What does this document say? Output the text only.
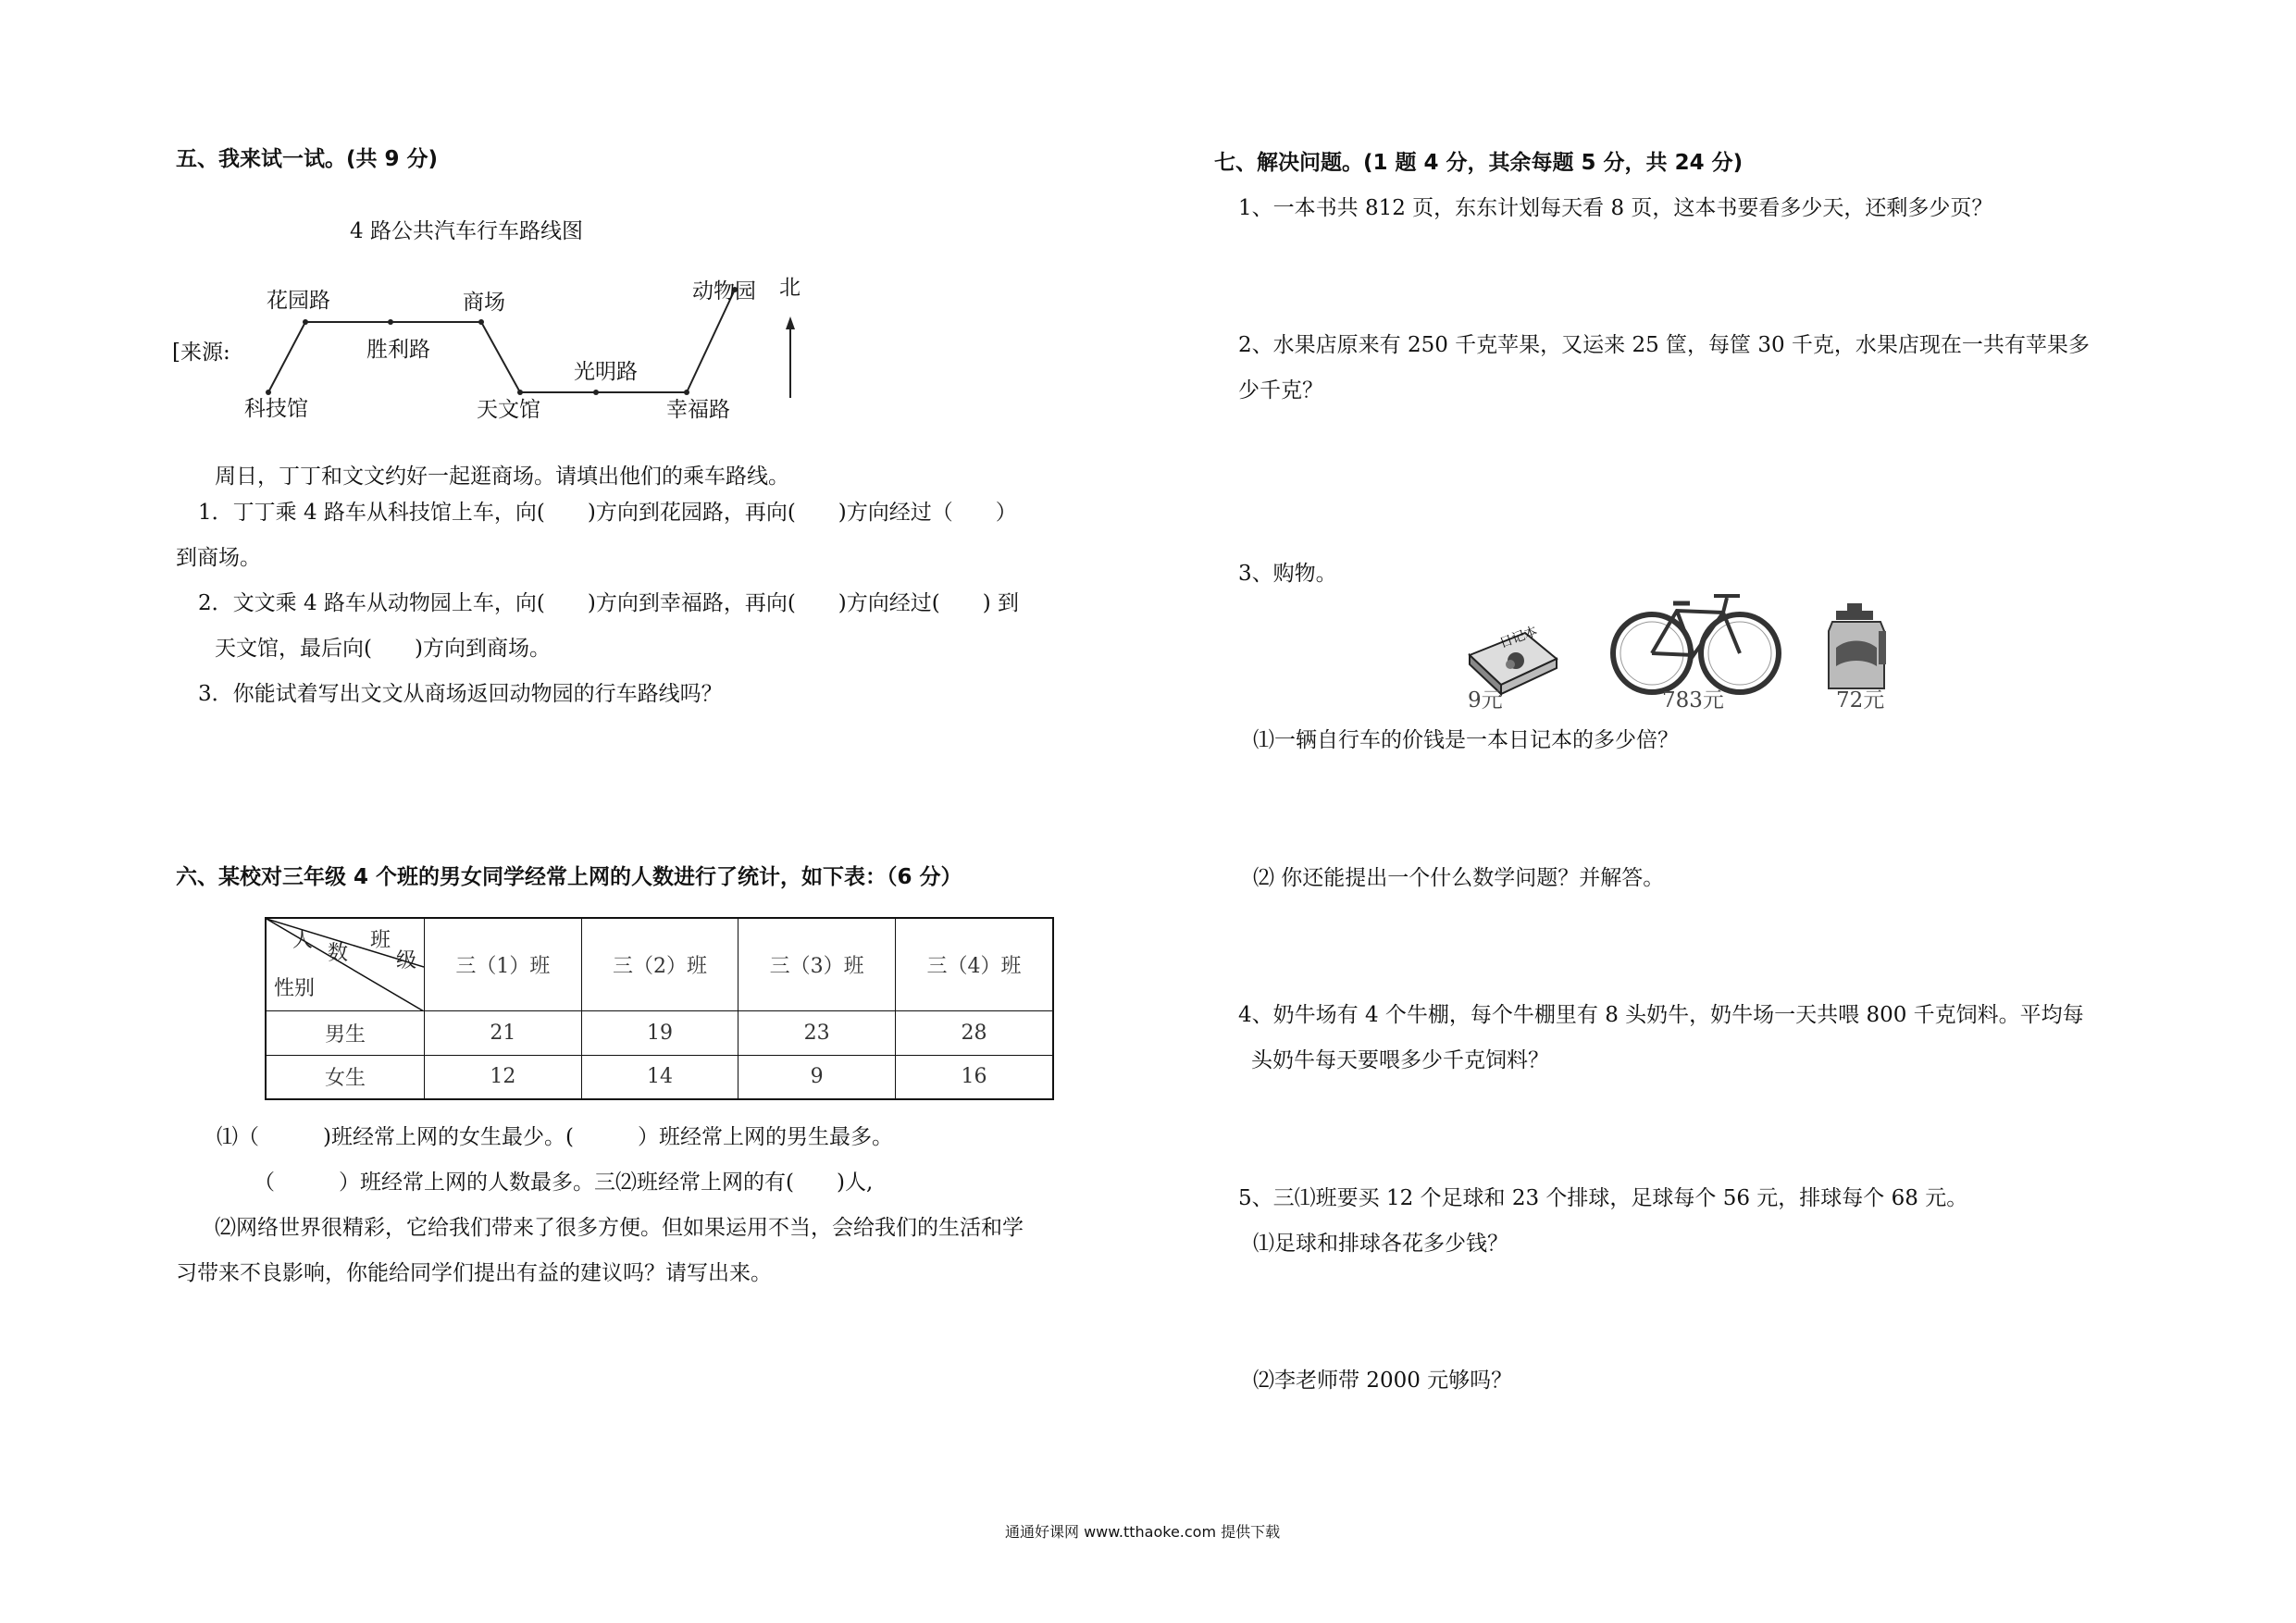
五、我来试一试。(共 9 分)
4 路公共汽车行车路线图
[来源:
科技馆
花园路
胜利路
商场
天文馆
光明路
幸福路
动物园 北
周日，丁丁和文文约好一起逛商场。请填出他们的乘车路线。
1．丁丁乘 4 路车从科技馆上车，向(　　)方向到花园路，再向(　　)方向经过（　　）
到商场。
2．文文乘 4 路车从动物园上车，向(　　)方向到幸福路，再向(　　)方向经过(　　) 到
天文馆，最后向(　　)方向到商场。
3．你能试着写出文文从商场返回动物园的行车路线吗？
六、某校对三年级 4 个班的男女同学经常上网的人数进行了统计，如下表：（6 分）
人
数
班
级
性别	三（1）班	三（2）班	三（3）班	三（4）班
男生	21	19	23	28
女生	12	14	9	16
⑴（　　　)班经常上网的女生最少。(　　　）班经常上网的男生最多。
（　　　）班经常上网的人数最多。三⑵班经常上网的有(　　)人,
⑵网络世界很精彩，它给我们带来了很多方便。但如果运用不当，会给我们的生活和学
习带来不良影响，你能给同学们提出有益的建议吗？请写出来。
七、解决问题。(1 题 4 分，其余每题 5 分，共 24 分)
1、一本书共 812 页，东东计划每天看 8 页，这本书要看多少天，还剩多少页？
2、水果店原来有 250 千克苹果，又运来 25 筐，每筐 30 千克，水果店现在一共有苹果多
少千克？
3、购物。
日记本
9元	783元	72元
⑴一辆自行车的价钱是一本日记本的多少倍？
⑵ 你还能提出一个什么数学问题？并解答。
4、奶牛场有 4 个牛棚，每个牛棚里有 8 头奶牛，奶牛场一天共喂 800 千克饲料。平均每
头奶牛每天要喂多少千克饲料？
5、三⑴班要买 12 个足球和 23 个排球，足球每个 56 元，排球每个 68 元。
⑴足球和排球各花多少钱？
⑵李老师带 2000 元够吗？
通通好课网 www.tthaoke.com 提供下载
